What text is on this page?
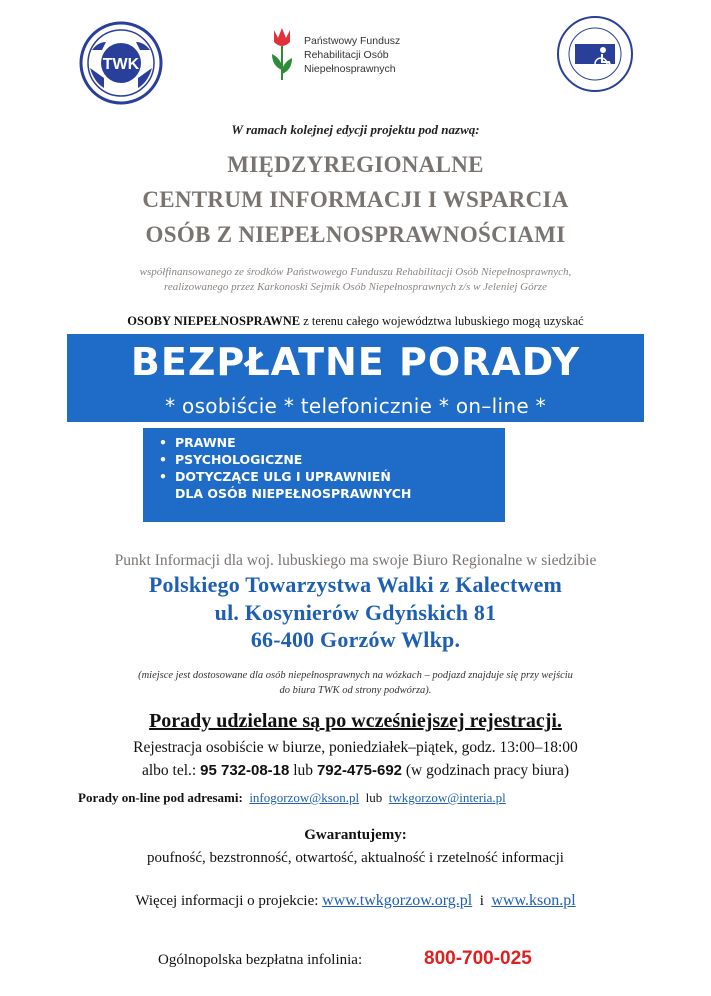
TWK
Państwowy Fundusz
Rehabilitacji Osób
Niepełnosprawnych
W ramach kolejnej edycji projektu pod nazwą:
MIĘDZYREGIONALNE
CENTRUM INFORMACJI I WSPARCIA
OSÓB Z NIEPEŁNOSPRAWNOŚCIAMI
współfinansowanego ze środków Państwowego Funduszu Rehabilitacji Osób Niepełnosprawnych,
realizowanego przez Karkonoski Sejmik Osób Niepełnosprawnych z/s w Jeleniej Górze
OSOBY NIEPEŁNOSPRAWNE z terenu całego województwa lubuskiego mogą uzyskać
BEZPŁATNE PORADY
* osobiście * telefonicznie * on–line *
• PRAWNE
• PSYCHOLOGICZNE
• DOTYCZĄCE ULG I UPRAWNIEŃ
DLA OSÓB NIEPEŁNOSPRAWNYCH
Punkt Informacji dla woj. lubuskiego ma swoje Biuro Regionalne w siedzibie
Polskiego Towarzystwa Walki z Kalectwem
ul. Kosynierów Gdyńskich 81
66-400 Gorzów Wlkp.
(miejsce jest dostosowane dla osób niepełnosprawnych na wózkach – podjazd znajduje się przy wejściu
do biura TWK od strony podwórza).
Porady udzielane są po wcześniejszej rejestracji.
Rejestracja osobiście w biurze, poniedziałek–piątek, godz. 13:00–18:00
albo tel.: 95 732-08-18 lub 792-475-692 (w godzinach pracy biura)
Porady on-line pod adresami: infogorzow@kson.pl lub twkgorzow@interia.pl
Gwarantujemy:
poufność, bezstronność, otwartość, aktualność i rzetelność informacji
Więcej informacji o projekcie: www.twkgorzow.org.pl i www.kson.pl
Ogólnopolska bezpłatna infolinia:	800-700-025
